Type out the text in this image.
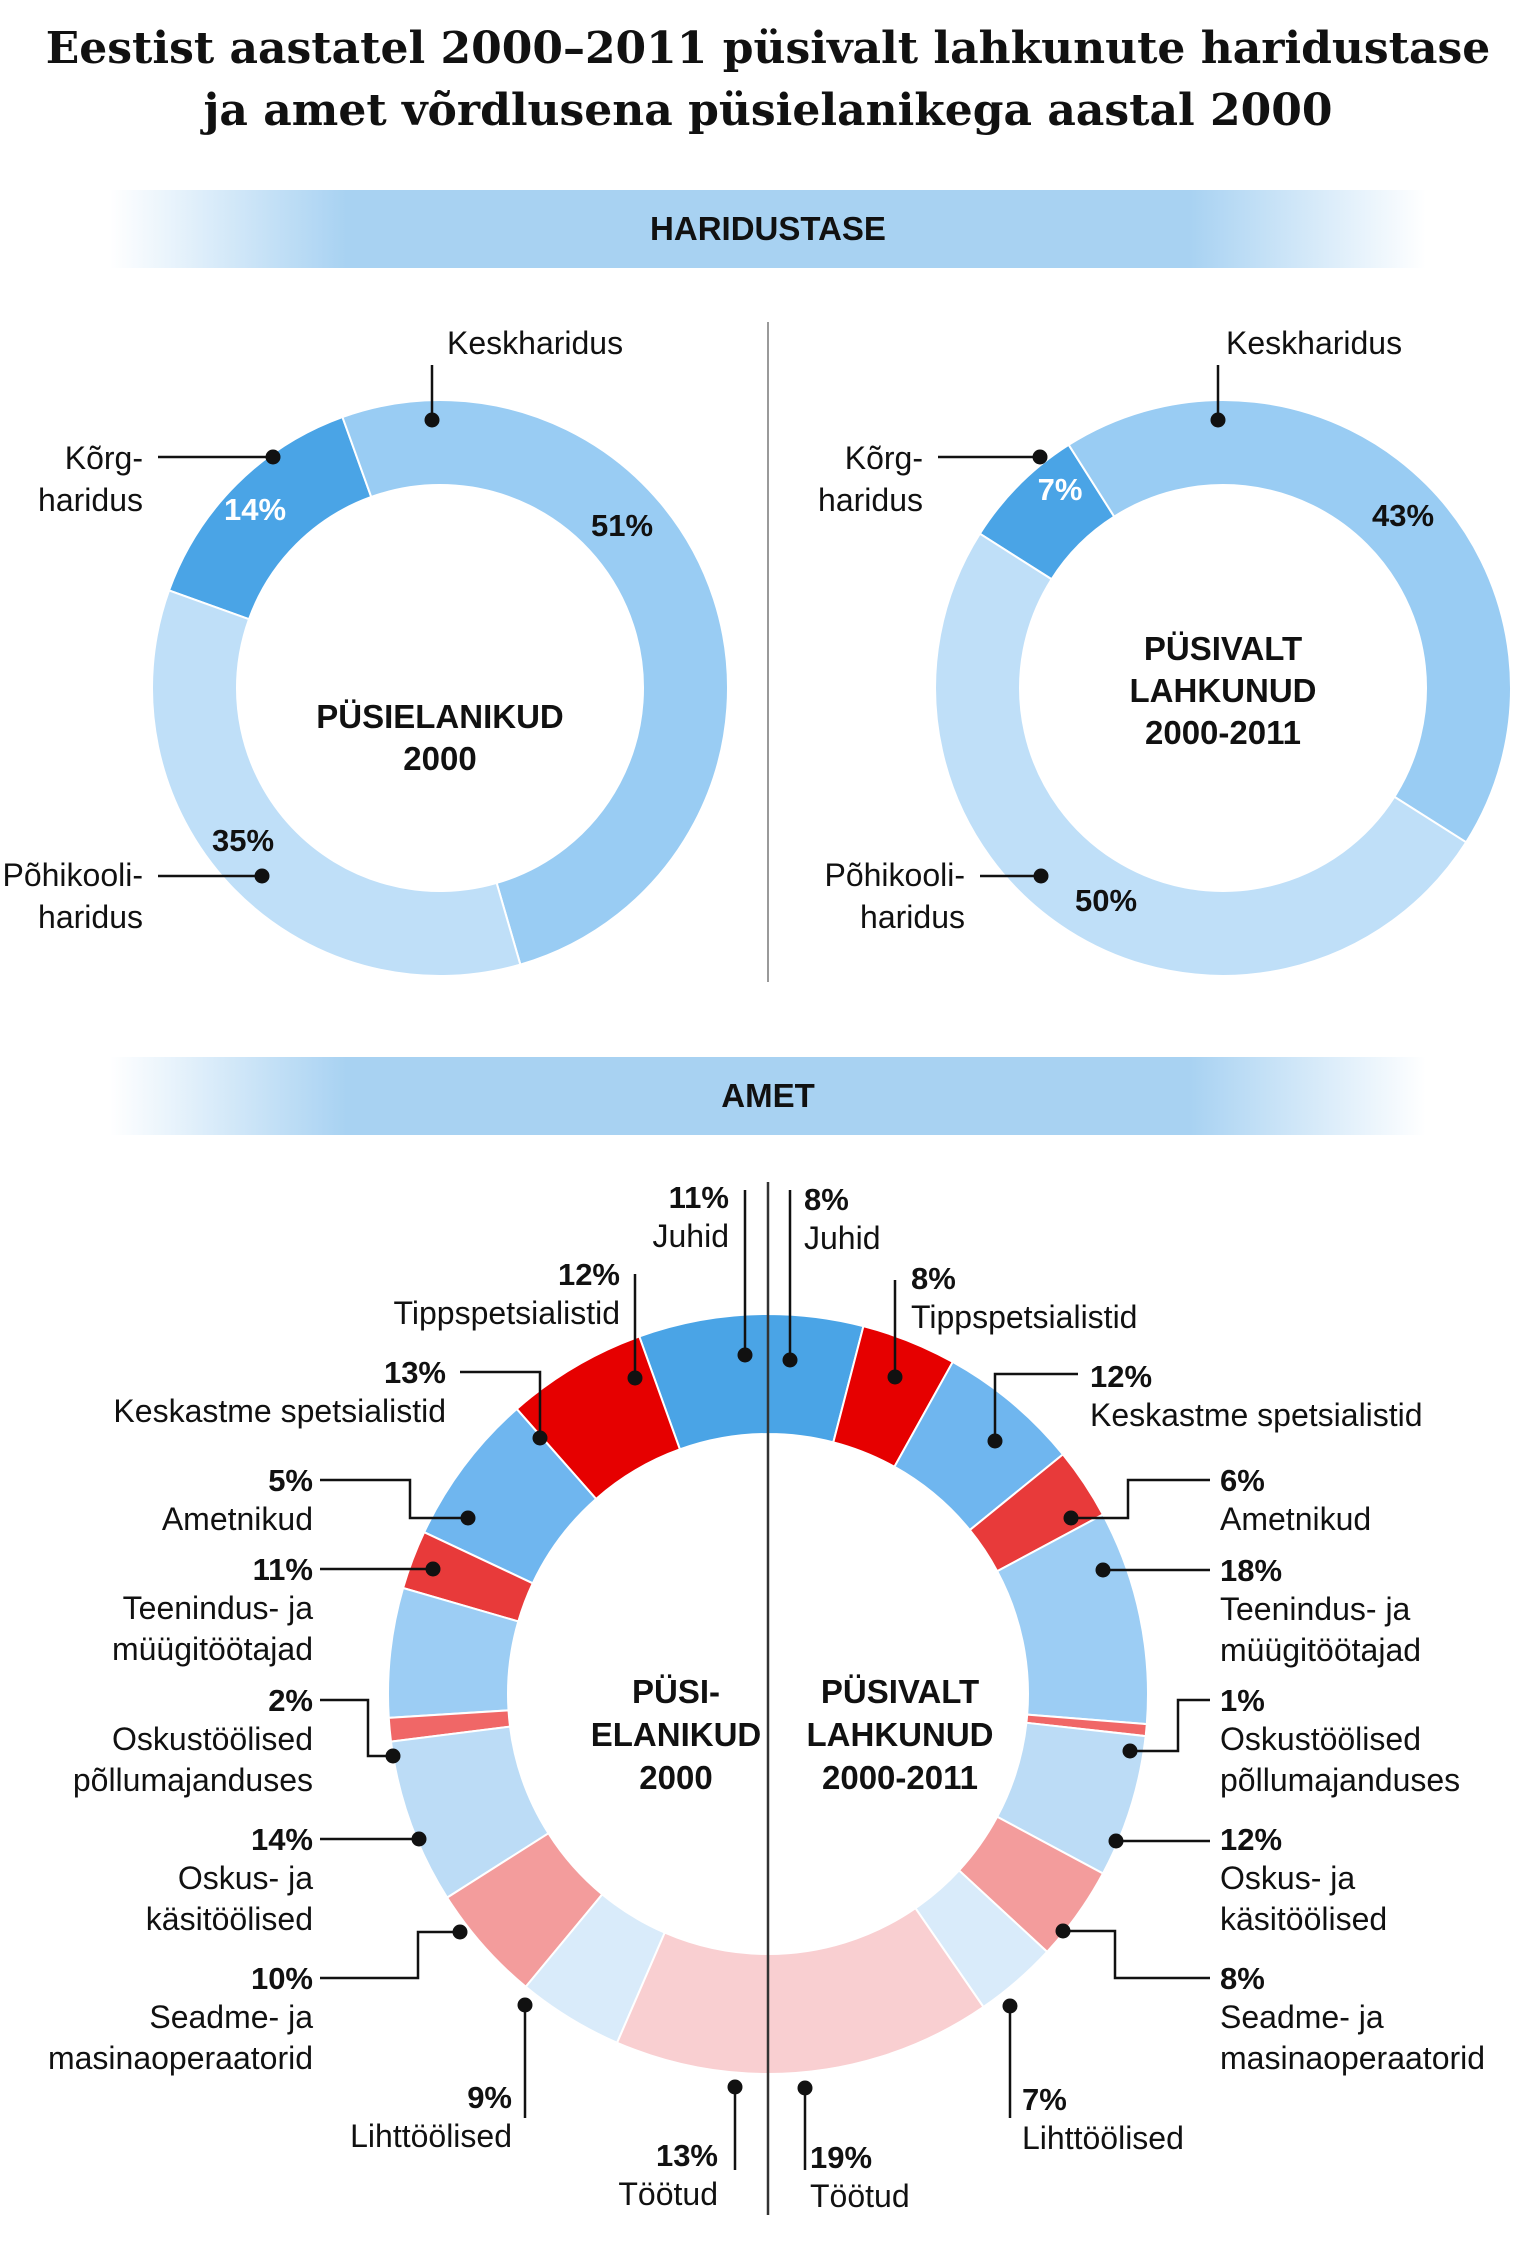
Eestist aastatel 2000–2011 püsivalt lahkunute haridustase
ja amet võrdlusena püsielanikega aastal 2000
HARIDUSTASE
AMET
PÜSIELANIKUD 2000
Keskharidus
Kõrg-haridus
Põhikooli-haridus
51%
14%
35%
PÜSIVALT LAHKUNUD 2000-2011
Keskharidus
Kõrg-haridus
Põhikooli-haridus
43%
7%
50%
PÜSI-ELANIKUD 2000
PÜSIVALT LAHKUNUD 2000-2011
11%
Juhid
12%
Tippspetsialistid
13%
Keskastme spetsialistid
5%
Ametnikud
11%
Teenindus- ja müügitöötajad
2%
Oskustöölised põllumajanduses
14%
Oskus- ja käsitöölised
10%
Seadme- ja masinaoperaatorid
9%
Lihttöölised
13%
Töötud
8%
Juhid
8%
Tippspetsialistid
12%
Keskastme spetsialistid
6%
Ametnikud
18%
Teenindus- ja müügitöötajad
1%
Oskustöölised põllumajanduses
12%
Oskus- ja käsitöölised
8%
Seadme- ja masinaoperaatorid
7%
Lihttöölised
19%
Töötud
